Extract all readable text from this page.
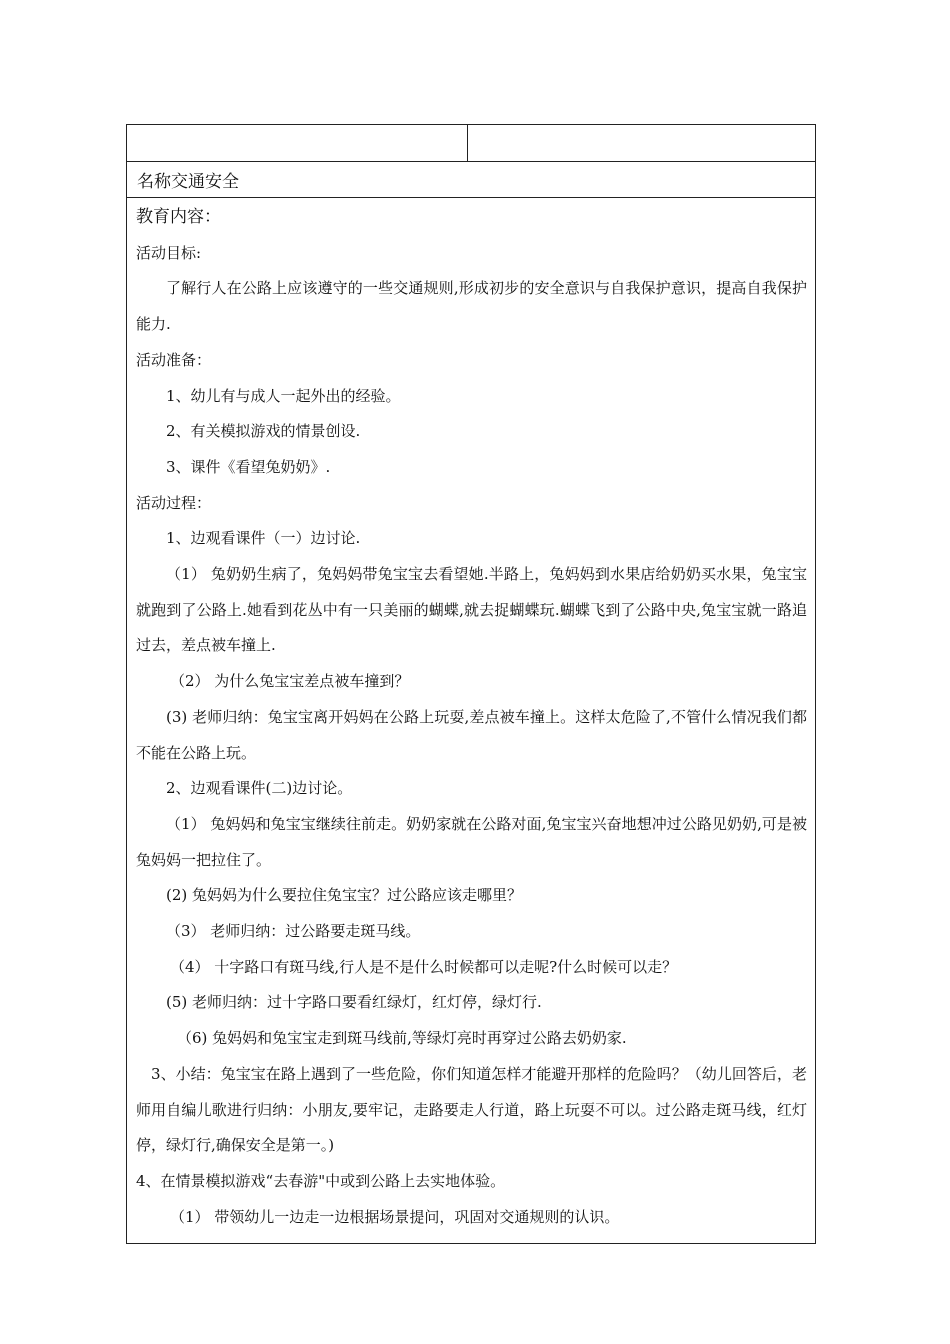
名称交通安全

教育内容：

活动目标:

了解行人在公路上应该遵守的一些交通规则,形成初步的安全意识与自我保护意识，提高自我保护能力.

活动准备：

1、幼儿有与成人一起外出的经验。

2、有关模拟游戏的情景创设.

3、课件《看望兔奶奶》.

活动过程：

1、边观看课件（一）边讨论.

（1） 兔奶奶生病了，兔妈妈带兔宝宝去看望她.半路上，兔妈妈到水果店给奶奶买水果，兔宝宝就跑到了公路上.她看到花丛中有一只美丽的蝴蝶,就去捉蝴蝶玩.蝴蝶飞到了公路中央,兔宝宝就一路追过去，差点被车撞上.

（2） 为什么兔宝宝差点被车撞到？

(3) 老师归纳：兔宝宝离开妈妈在公路上玩耍,差点被车撞上。这样太危险了,不管什么情况我们都不能在公路上玩。

2、边观看课件(二)边讨论。

（1） 兔妈妈和兔宝宝继续往前走。奶奶家就在公路对面,兔宝宝兴奋地想冲过公路见奶奶,可是被兔妈妈一把拉住了。

(2) 兔妈妈为什么要拉住兔宝宝？过公路应该走哪里？

（3） 老师归纳：过公路要走斑马线。

（4） 十字路口有斑马线,行人是不是什么时候都可以走呢?什么时候可以走？

(5) 老师归纳：过十字路口要看红绿灯，红灯停，绿灯行.

（6) 兔妈妈和兔宝宝走到斑马线前,等绿灯亮时再穿过公路去奶奶家.

3、小结：兔宝宝在路上遇到了一些危险，你们知道怎样才能避开那样的危险吗？（幼儿回答后，老师用自编儿歌进行归纳：小朋友,要牢记，走路要走人行道，路上玩耍不可以。过公路走斑马线，红灯停，绿灯行,确保安全是第一。)

4、在情景模拟游戏“去春游"中或到公路上去实地体验。

（1） 带领幼儿一边走一边根据场景提问，巩固对交通规则的认识。
